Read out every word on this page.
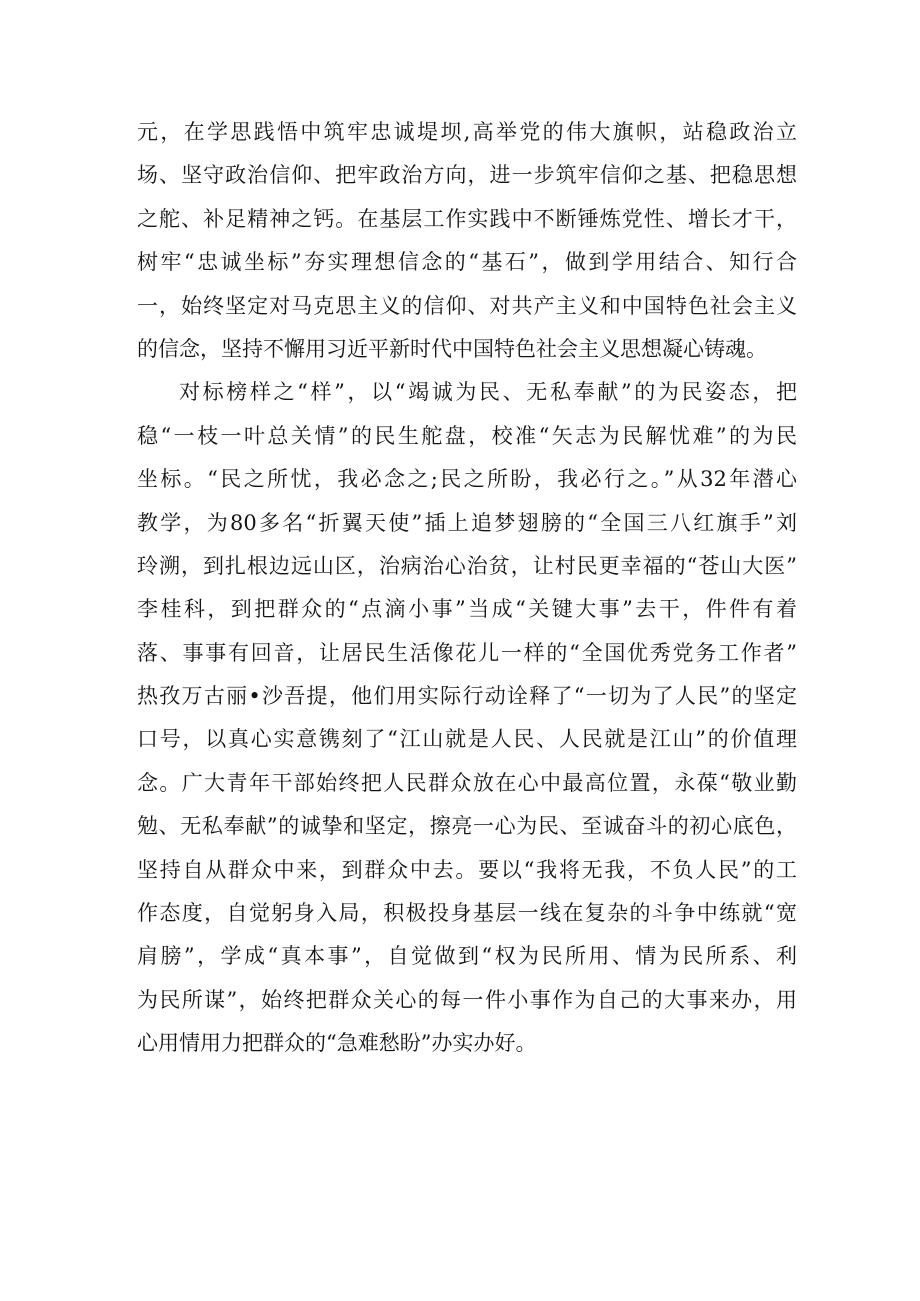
元，在学思践悟中筑牢忠诚堤坝,高举党的伟大旗帜，站稳政治立
场、坚守政治信仰、把牢政治方向，进一步筑牢信仰之基、把稳思想
之舵、补足精神之钙。在基层工作实践中不断锤炼党性、增长才干，
树牢“忠诚坐标”夯实理想信念的“基石”，做到学用结合、知行合
一，始终坚定对马克思主义的信仰、对共产主义和中国特色社会主义
的信念，坚持不懈用习近平新时代中国特色社会主义思想凝心铸魂。
对标榜样之“样”，以“竭诚为民、无私奉献”的为民姿态，把
稳“一枝一叶总关情”的民生舵盘，校准“矢志为民解忧难”的为民
坐标。“民之所忧，我必念之;民之所盼，我必行之。”从32年潜心
教学，为80多名“折翼天使”插上追梦翅膀的“全国三八红旗手”刘
玲溯，到扎根边远山区，治病治心治贫，让村民更幸福的“苍山大医”
李桂科，到把群众的“点滴小事”当成“关键大事”去干，件件有着
落、事事有回音，让居民生活像花儿一样的“全国优秀党务工作者”
热孜万古丽•沙吾提，他们用实际行动诠释了“一切为了人民”的坚定
口号，以真心实意镌刻了“江山就是人民、人民就是江山”的价值理
念。广大青年干部始终把人民群众放在心中最高位置，永葆“敬业勤
勉、无私奉献”的诚挚和坚定，擦亮一心为民、至诚奋斗的初心底色，
坚持自从群众中来，到群众中去。要以“我将无我，不负人民”的工
作态度，自觉躬身入局，积极投身基层一线在复杂的斗争中练就“宽
肩膀”，学成“真本事”，自觉做到“权为民所用、情为民所系、利
为民所谋”，始终把群众关心的每一件小事作为自己的大事来办，用
心用情用力把群众的“急难愁盼”办实办好。
